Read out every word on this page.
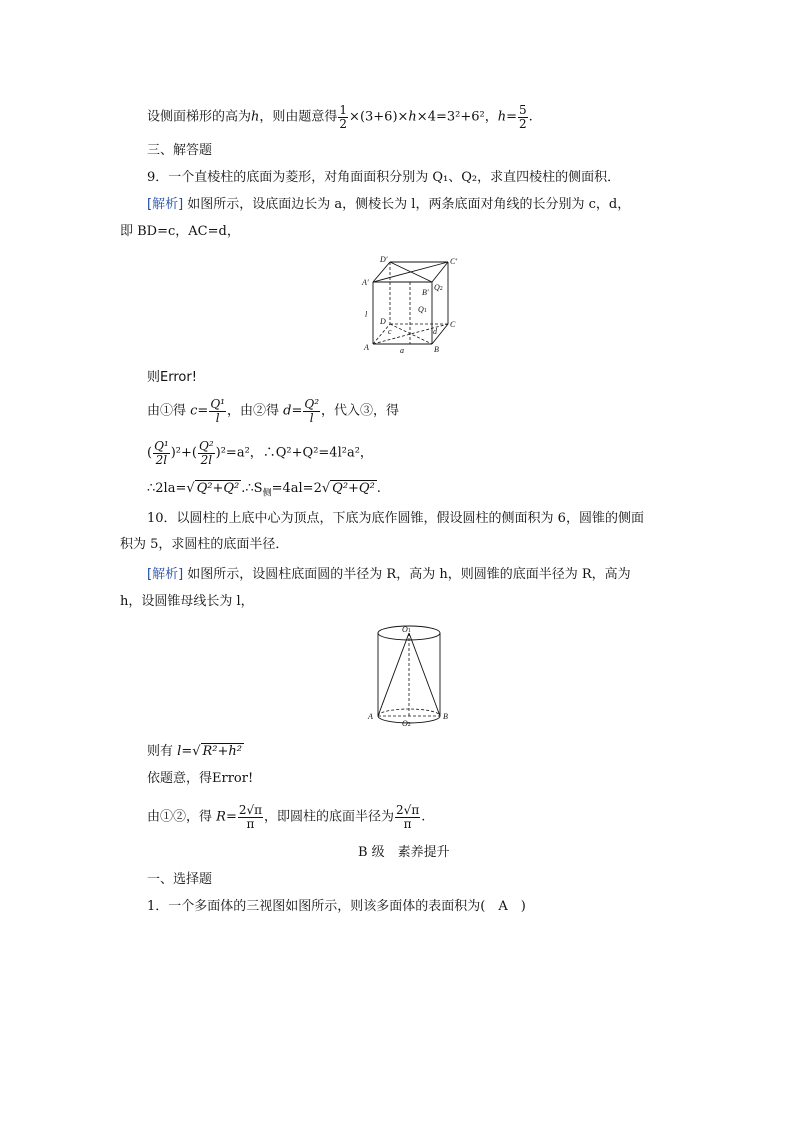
设侧面梯形的高为h，则由题意得 $\frac{1}{2} \times(3+6)\times h\times 4=3^2+6^2$，$h= \frac{5}{2}$ .
三、解答题
9．一个直棱柱的底面为菱形，对角面面积分别为 Q₁、Q₂，求直四棱柱的侧面积．
[解析] 如图所示，设底面边长为 a，侧棱长为 l，两条底面对角线的长分别为 c，d，
即 BD=c，AC=d，
D′	C′
A′
B′
Q2
Q1
l
D	C
c	d
A	B
a
则Error!
由①得 $c= \frac{\text{Q¹}}{l}$ ，由②得 $d= \frac{\text{Q²}}{l}$ ，代入③，得
( $\frac{\text{Q¹}}{2l} )^2+( \frac{\text{Q²}}{2l} )^2=a^2$，∴Q²+Q²=4l²a²，
∴2la=√ Q²+Q² $.\therefore S_侧=4al=2√$ Q²+Q² .
10．以圆柱的上底中心为顶点，下底为底作圆锥，假设圆柱的侧面积为 6，圆锥的侧面
积为 5，求圆柱的底面半径．
[解析] 如图所示，设圆柱底面圆的半径为 R，高为 h，则圆锥的底面半径为 R，高为
h，设圆锥母线长为 l，
O1
O2
A	B
则有 l=√ R²+h²
依题意，得Error!
由①②，得 $R= \frac{2√\pi}{\pi}$ ，即圆柱的底面半径为 $\frac{2√\pi}{\pi}$ .
B 级　素养提升
一、选择题
1．一个多面体的三视图如图所示，则该多面体的表面积为(　A　)
